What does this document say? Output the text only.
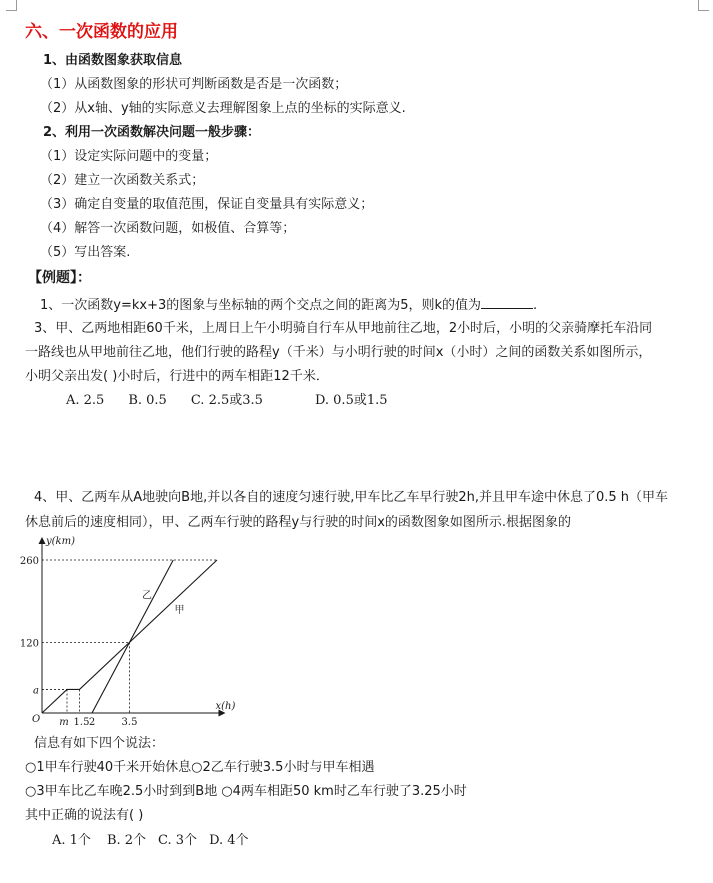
六、一次函数的应用
1、由函数图象获取信息
（1）从函数图象的形状可判断函数是否是一次函数；
（2）从x轴、y轴的实际意义去理解图象上点的坐标的实际意义.
2、利用一次函数解决问题一般步骤：
（1）设定实际问题中的变量；
（2）建立一次函数关系式；
（3）确定自变量的取值范围，保证自变量具有实际意义；
（4）解答一次函数问题，如极值、合算等；
（5）写出答案.
【例题】：
1、一次函数y=kx+3的图象与坐标轴的两个交点之间的距离为5，则k的值为	.
3、甲、乙两地相距60千米，上周日上午小明骑自行车从甲地前往乙地，2小时后，小明的父亲骑摩托车沿同
一路线也从甲地前往乙地，他们行驶的路程y（千米）与小明行驶的时间x（小时）之间的函数关系如图所示，
小明父亲出发( )小时后，行进中的两车相距12千米．
A. 2.5 B. 0.5 C. 2.5或3.5	D. 0.5或1.5
4、甲、乙两车从A地驶向B地,并以各自的速度匀速行驶,甲车比乙车早行驶2h,并且甲车途中休息了0.5 h（甲车
休息前后的速度相同），甲、乙两车行驶的路程y与行驶的时间x的函数图象如图所示.根据图象的
甲
乙
y(km)
x(h)
O
a
120
260
m 1.5 2	3.5
信息有如下四个说法：
○1甲车行驶40千米开始休息○2乙车行驶3.5小时与甲车相遇
○3甲车比乙车晚2.5小时到到B地 ○4两车相距50 km时乙车行驶了3.25小时
其中正确的说法有( )
A. 1个 B. 2个 C. 3个 D. 4个
